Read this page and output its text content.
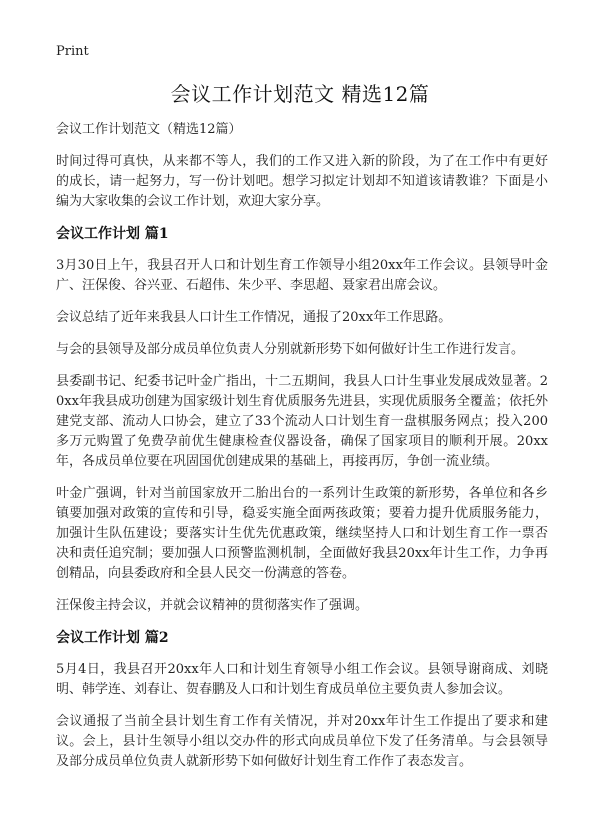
Print
会议工作计划范文 精选12篇
会议工作计划范文（精选12篇）

时间过得可真快，从来都不等人，我们的工作又进入新的阶段，为了在工作中有更好的成长，请一起努力，写一份计划吧。想学习拟定计划却不知道该请教谁？下面是小编为大家收集的会议工作计划，欢迎大家分享。

会议工作计划 篇1

3月30日上午，我县召开人口和计划生育工作领导小组20xx年工作会议。县领导叶金广、汪保俊、谷兴亚、石超伟、朱少平、李思超、聂家君出席会议。

会议总结了近年来我县人口计生工作情况，通报了20xx年工作思路。

与会的县领导及部分成员单位负责人分别就新形势下如何做好计生工作进行发言。

县委副书记、纪委书记叶金广指出，十二五期间，我县人口计生事业发展成效显著。20xx年我县成功创建为国家级计划生育优质服务先进县，实现优质服务全覆盖；依托外建党支部、流动人口协会，建立了33个流动人口计划生育一盘棋服务网点；投入200多万元购置了免费孕前优生健康检查仪器设备，确保了国家项目的顺利开展。20xx年，各成员单位要在巩固国优创建成果的基础上，再接再厉，争创一流业绩。

叶金广强调，针对当前国家放开二胎出台的一系列计生政策的新形势，各单位和各乡镇要加强对政策的宣传和引导，稳妥实施全面两孩政策；要着力提升优质服务能力，加强计生队伍建设；要落实计生优先优惠政策，继续坚持人口和计划生育工作一票否决和责任追究制；要加强人口预警监测机制，全面做好我县20xx年计生工作，力争再创精品，向县委政府和全县人民交一份满意的答卷。

汪保俊主持会议，并就会议精神的贯彻落实作了强调。

会议工作计划 篇2

5月4日，我县召开20xx年人口和计划生育领导小组工作会议。县领导谢商成、刘晓明、韩学连、刘春让、贺春鹏及人口和计划生育成员单位主要负责人参加会议。

会议通报了当前全县计划生育工作有关情况，并对20xx年计生工作提出了要求和建议。会上，县计生领导小组以交办件的形式向成员单位下发了任务清单。与会县领导及部分成员单位负责人就新形势下如何做好计划生育工作作了表态发言。
